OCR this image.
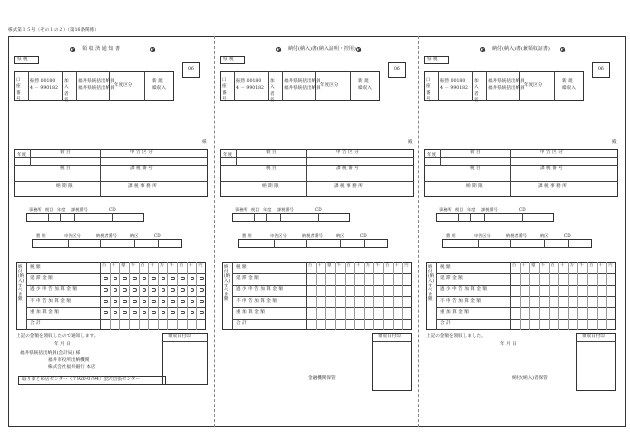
様式第１５号（その１の２）（第16条関係）
領 収 済 通 知 書
県 税
06
口座番号
振替 00180
4 － 990182
加入者名
福井県統括出納員
福井県統括出納員
年度区分
新 規
繰収入
様
年度
費 目	申 告 区 分
税 目	課 税 番 号
納 期 限	課 税 事 務 所
事務所 税目 年度 課税番号	CD
費 用	申告区分	納税者番号	納区	CD
納付(納入)すべき額
税 額
延 滞 金 額
過 少 申 告 加 算 金 額
不 申 告 加 算 金 額
重 加 算 金 額
合 計
百 十 億 千 百 十 万 千 百 十 円
上記の金額を領収したので通知します。
年 月 日
福井県統括出納員(会計局) 様
福井市役所出納機関
株式会社福井銀行 本店
取りまとめ店センター（〒920-0794）金沢出張センター
領収日付印
納付(納入)書(納入証明・控用)
県 税
06
口座番号
振替 00180
4 － 990182
加入者名
福井県統括出納員
福井県統括出納員
年度区分
新 規
繰収入
殿
年度
費 目	申 告 区 分
税 目	課 税 番 号
納 期 限	課 税 事 務 所
事務所 税目 年度 課税番号	CD
費 用	申告区分	納税者番号	納区	CD
納付(納入)すべき額
税 額
延 滞 金 額
過 少 申 告 加 算 金 額
不 申 告 加 算 金 額
重 加 算 金 額
合 計
百 十 億 千 百 十 万 千 百 十 円
領収日付印
金融機関保管
納付(納入)書(兼領収証書)
県 税
06
口座番号
振替 00180
4 － 990182
加入者名
福井県統括出納員
福井県統括出納員
年度区分
新 規
繰収入
殿
年度
費 目	申 告 区 分
税 目	課 税 番 号
納 期 限	課 税 事 務 所
事務所 税目 年度 課税番号	CD
費 用	申告区分	納税者番号	納区	CD
納付(納入)すべき額
税 額
延 滞 金 額
過 少 申 告 加 算 金 額
不 申 告 加 算 金 額
重 加 算 金 額
合 計
百 十 億 千 百 十 万 千 百 十 円
上記の金額を領収しました。
年 月 日
領収日付印
納付(納入)者保管
